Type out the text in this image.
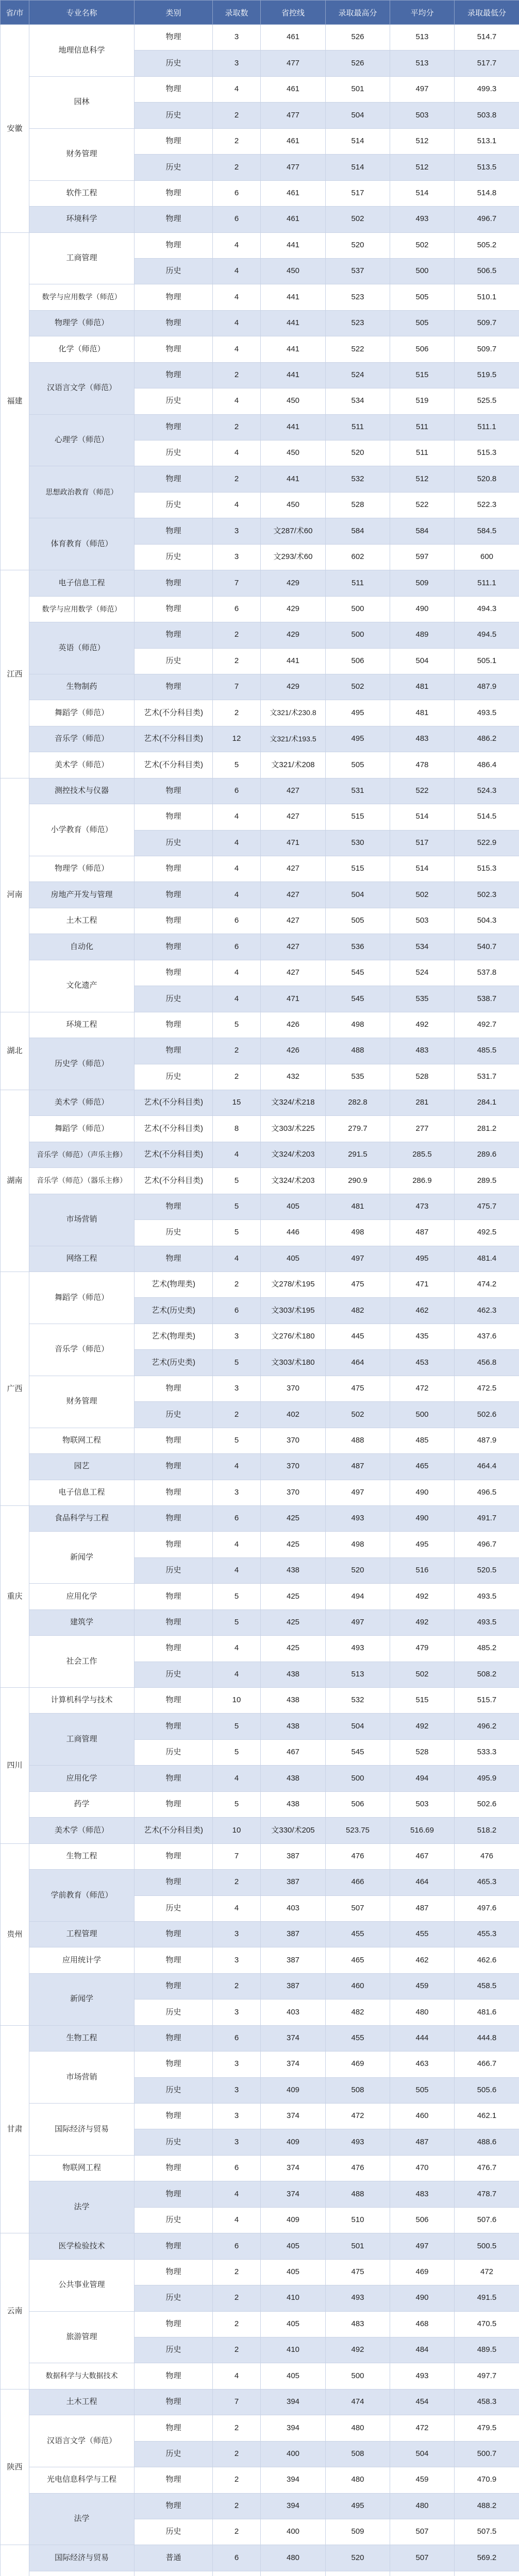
省/市	专业名称	类别	录取数	省控线	录取最高分	平均分	录取最低分
安徽	地理信息科学	物理	3	461	526	513	514.7
		历史	3	477	526	513	517.7
	园林	物理	4	461	501	497	499.3
		历史	2	477	504	503	503.8
	财务管理	物理	2	461	514	512	513.1
		历史	2	477	514	512	513.5
	软件工程	物理	6	461	517	514	514.8
	环境科学	物理	6	461	502	493	496.7
福建	工商管理	物理	4	441	520	502	505.2
		历史	4	450	537	500	506.5
	数学与应用数学（师范）	物理	4	441	523	505	510.1
	物理学（师范）	物理	4	441	523	505	509.7
	化学（师范）	物理	4	441	522	506	509.7
	汉语言文学（师范）	物理	2	441	524	515	519.5
		历史	4	450	534	519	525.5
	心理学（师范）	物理	2	441	511	511	511.1
		历史	4	450	520	511	515.3
	思想政治教育（师范）	物理	2	441	532	512	520.8
		历史	4	450	528	522	522.3
	体育教育（师范）	物理	3	文287/术60	584	584	584.5
		历史	3	文293/术60	602	597	600
江西	电子信息工程	物理	7	429	511	509	511.1
	数学与应用数学（师范）	物理	6	429	500	490	494.3
	英语（师范）	物理	2	429	500	489	494.5
		历史	2	441	506	504	505.1
	生物制药	物理	7	429	502	481	487.9
	舞蹈学（师范）	艺术(不分科目类)	2	文321/术230.8	495	481	493.5
	音乐学（师范）	艺术(不分科目类)	12	文321/术193.5	495	483	486.2
	美术学（师范）	艺术(不分科目类)	5	文321/术208	505	478	486.4
河南	测控技术与仪器	物理	6	427	531	522	524.3
	小学教育（师范）	物理	4	427	515	514	514.5
		历史	4	471	530	517	522.9
	物理学（师范）	物理	4	427	515	514	515.3
	房地产开发与管理	物理	4	427	504	502	502.3
	土木工程	物理	6	427	505	503	504.3
	自动化	物理	6	427	536	534	540.7
	文化遗产	物理	4	427	545	524	537.8
		历史	4	471	545	535	538.7
湖北	环境工程	物理	5	426	498	492	492.7
	历史学（师范）	物理	2	426	488	483	485.5
		历史	2	432	535	528	531.7
湖南	美术学（师范）	艺术(不分科目类)	15	文324/术218	282.8	281	284.1
	舞蹈学（师范）	艺术(不分科目类)	8	文303/术225	279.7	277	281.2
	音乐学（师范）（声乐主修）	艺术(不分科目类)	4	文324/术203	291.5	285.5	289.6
	音乐学（师范）（器乐主修）	艺术(不分科目类)	5	文324/术203	290.9	286.9	289.5
	市场营销	物理	5	405	481	473	475.7
		历史	5	446	498	487	492.5
	网络工程	物理	4	405	497	495	481.4
广西	舞蹈学（师范）	艺术(物理类)	2	文278/术195	475	471	474.2
		艺术(历史类)	6	文303/术195	482	462	462.3
	音乐学（师范）	艺术(物理类)	3	文276/术180	445	435	437.6
		艺术(历史类)	5	文303/术180	464	453	456.8
	财务管理	物理	3	370	475	472	472.5
		历史	2	402	502	500	502.6
	物联网工程	物理	5	370	488	485	487.9
	园艺	物理	4	370	487	465	464.4
	电子信息工程	物理	3	370	497	490	496.5
重庆	食品科学与工程	物理	6	425	493	490	491.7
	新闻学	物理	4	425	498	495	496.7
		历史	4	438	520	516	520.5
	应用化学	物理	5	425	494	492	493.5
	建筑学	物理	5	425	497	492	493.5
	社会工作	物理	4	425	493	479	485.2
		历史	4	438	513	502	508.2
四川	计算机科学与技术	物理	10	438	532	515	515.7
	工商管理	物理	5	438	504	492	496.2
		历史	5	467	545	528	533.3
	应用化学	物理	4	438	500	494	495.9
	药学	物理	5	438	506	503	502.6
	美术学（师范）	艺术(不分科目类)	10	文330/术205	523.75	516.69	518.2
贵州	生物工程	物理	7	387	476	467	476
	学前教育（师范）	物理	2	387	466	464	465.3
		历史	4	403	507	487	497.6
	工程管理	物理	3	387	455	455	455.3
	应用统计学	物理	3	387	465	462	462.6
	新闻学	物理	2	387	460	459	458.5
		历史	3	403	482	480	481.6
甘肃	生物工程	物理	6	374	455	444	444.8
	市场营销	物理	3	374	469	463	466.7
		历史	3	409	508	505	505.6
	国际经济与贸易	物理	3	374	472	460	462.1
		历史	3	409	493	487	488.6
	物联网工程	物理	6	374	476	470	476.7
	法学	物理	4	374	488	483	478.7
		历史	4	409	510	506	507.6
云南	医学检验技术	物理	6	405	501	497	500.5
	公共事业管理	物理	2	405	475	469	472
		历史	2	410	493	490	491.5
	旅游管理	物理	2	405	483	468	470.5
		历史	2	410	492	484	489.5
	数据科学与大数据技术	物理	4	405	500	493	497.7
陕西	土木工程	物理	7	394	474	454	458.3
	汉语言文学（师范）	物理	2	394	480	472	479.5
		历史	2	400	508	504	500.7
	光电信息科学与工程	物理	2	394	480	459	470.9
	法学	物理	2	394	495	480	488.2
		历史	2	400	509	507	507.5
	国际经济与贸易	普通	6	480	520	507	569.2
